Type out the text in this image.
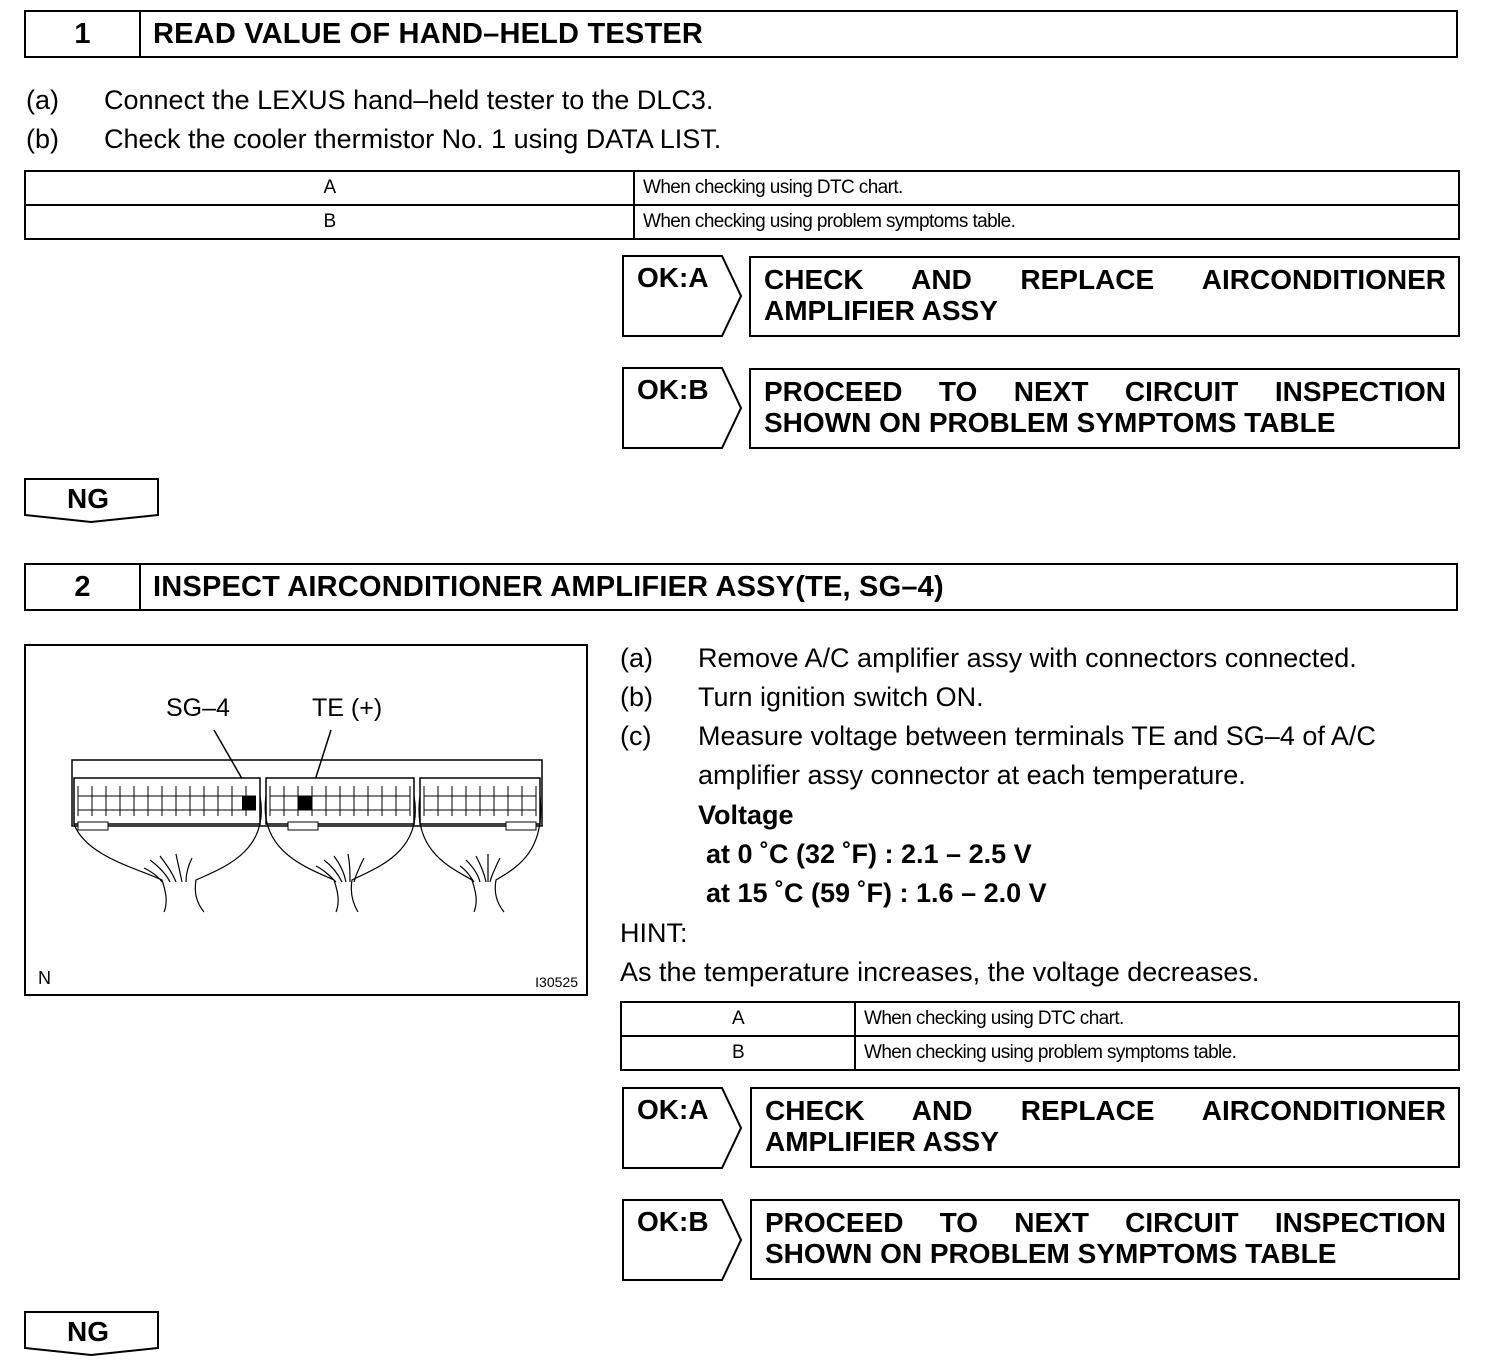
1	READ VALUE OF HAND–HELD TESTER
(a)	Connect the LEXUS hand–held tester to the DLC3.
(b)	Check the cooler thermistor No. 1 using DATA LIST.
A	When checking using DTC chart.
B	When checking using problem symptoms table.
OK:A CHECK AND REPLACE AIRCONDITIONER
AMPLIFIER ASSY
OK:B PROCEED TO NEXT CIRCUIT INSPECTION
SHOWN ON PROBLEM SYMPTOMS TABLE
NG
2	INSPECT AIRCONDITIONER AMPLIFIER ASSY(TE, SG–4)
SG–4	TE (+)
N	I30525
(a)	Remove A/C amplifier assy with connectors connected.
(b)	Turn ignition switch ON.
(c)	Measure voltage between terminals TE and SG–4 of A/C
amplifier assy connector at each temperature.
Voltage
at 0 ˚C (32 ˚F) : 2.1 – 2.5 V
at 15 ˚C (59 ˚F) : 1.6 – 2.0 V
HINT:
As the temperature increases, the voltage decreases.
A	When checking using DTC chart.
B	When checking using problem symptoms table.
OK:A CHECK AND REPLACE AIRCONDITIONER
AMPLIFIER ASSY
OK:B PROCEED TO NEXT CIRCUIT INSPECTION
SHOWN ON PROBLEM SYMPTOMS TABLE
NG
